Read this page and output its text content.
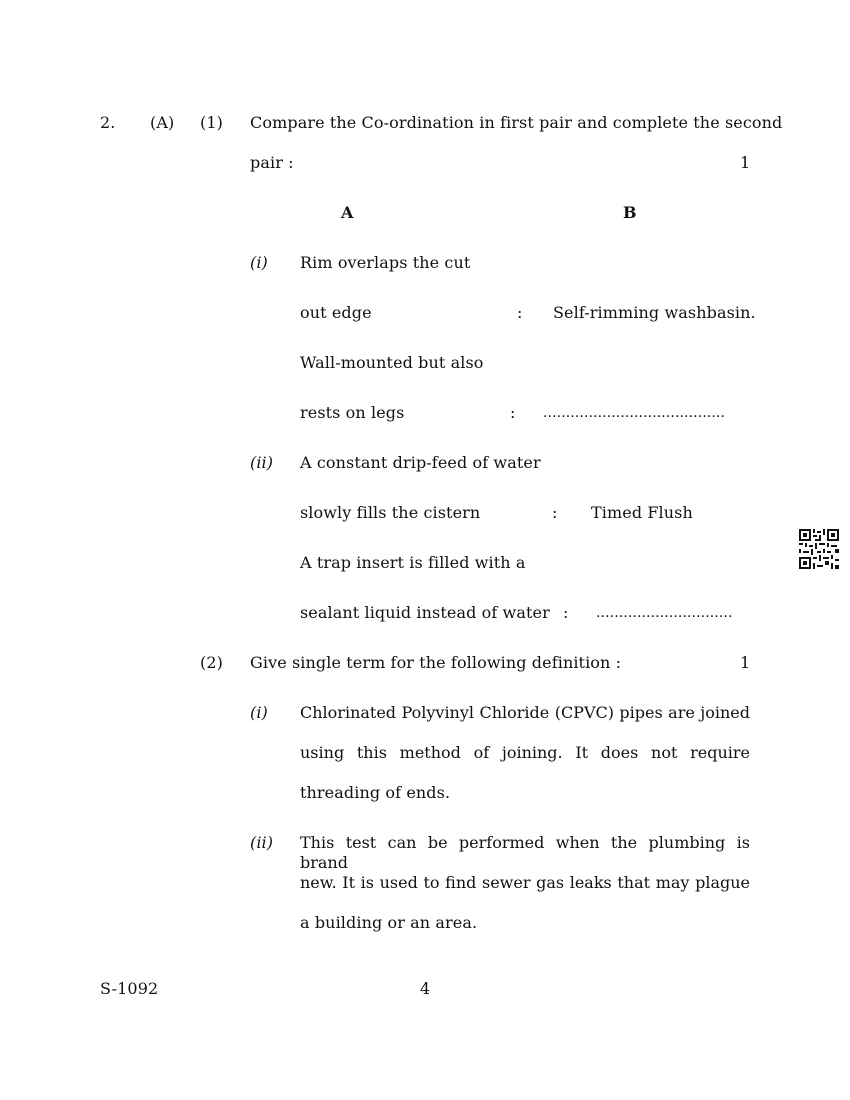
2. (A) (1) Compare the Co-ordination in first pair and complete the second
pair :	1
A	B
(i) Rim overlaps the cut
out edge	: Self-rimming washbasin.
Wall-mounted but also
rests on legs	: ........................................
(ii) A constant drip-feed of water
slowly fills the cistern	: Timed Flush
A trap insert is filled with a
sealant liquid instead of water : ..............................
(2) Give single term for the following definition :	1
(i) Chlorinated Polyvinyl Chloride (CPVC) pipes are joined
using this method of joining. It does not require
threading of ends.
(ii) This test can be performed when the plumbing is brand
new. It is used to find sewer gas leaks that may plague
a building or an area.
S-1092	4
